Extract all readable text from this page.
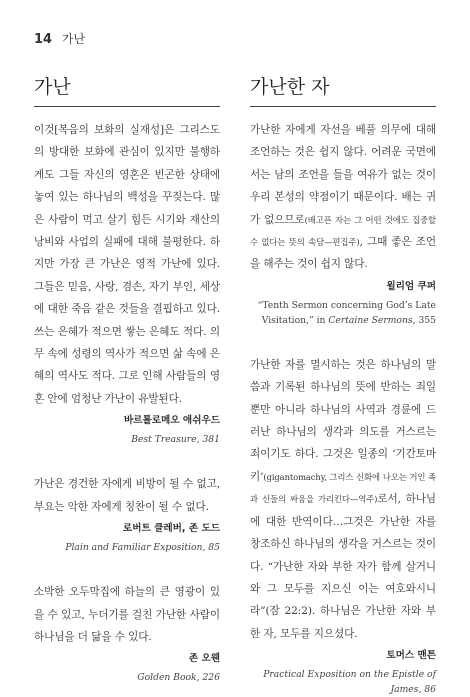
14 가난
가난

이것[복음의 보화의 실재성]은 그리스도의 방대한 보화에 관심이 있지만 불행하게도 그들 자신의 영혼은 빈곤한 상태에 놓여 있는 하나님의 백성을 꾸짖는다. 많은 사람이 먹고 살기 힘든 시기와 재산의 낭비와 사업의 실패에 대해 불평한다. 하지만 가장 큰 가난은 영적 가난에 있다. 그들은 믿음, 사랑, 겸손, 자기 부인, 세상에 대한 죽음 같은 것들을 결핍하고 있다. 쓰는 은혜가 적으면 쌓는 은혜도 적다. 의무 속에 성령의 역사가 적으면 삶 속에 은혜의 역사도 적다. 그로 인해 사람들의 영혼 안에 엄청난 가난이 유발된다.

바르톨로메오 애쉬우드
Best Treasure, 381

가난은 경건한 자에게 비방이 될 수 없고, 부요는 악한 자에게 칭찬이 될 수 없다.

로버트 클레버, 존 도드
Plain and Familiar Exposition, 85

소박한 오두막집에 하늘의 큰 영광이 있을 수 있고, 누더기를 걸친 가난한 사람이 하나님을 더 닮을 수 있다.

존 오웬
Golden Book, 226
가난한 자

가난한 자에게 자선을 베풀 의무에 대해 조언하는 것은 쉽지 않다. 어려운 국면에서는 남의 조언을 들을 여유가 없는 것이 우리 본성의 약점이기 때문이다. 배는 귀가 없으므로(배고픈 자는 그 어떤 것에도 집중할 수 없다는 뜻의 속담—편집주), 그때 좋은 조언을 해주는 것이 쉽지 않다.

윌리엄 쿠퍼
“Tenth Sermon concerning God’s Late Visitation,” in Certaine Sermons, 355

가난한 자를 멸시하는 것은 하나님의 말씀과 기록된 하나님의 뜻에 반하는 죄일 뿐만 아니라 하나님의 사역과 경륜에 드러난 하나님의 생각과 의도를 거스르는 죄이기도 하다. 그것은 일종의 ‘기간토마키’(gigantomachy, 그리스 신화에 나오는 거인 족과 신들의 싸움을 가리킨다—역주)로서, 하나님에 대한 반역이다…그것은 가난한 자를 창조하신 하나님의 생각을 거스르는 것이다. “가난한 자와 부한 자가 함께 살거니와 그 모두를 지으신 이는 여호와시니라”(잠 22:2). 하나님은 가난한 자와 부한 자, 모두를 지으셨다.

토머스 맨튼
Practical Exposition on the Epistle of James, 86
